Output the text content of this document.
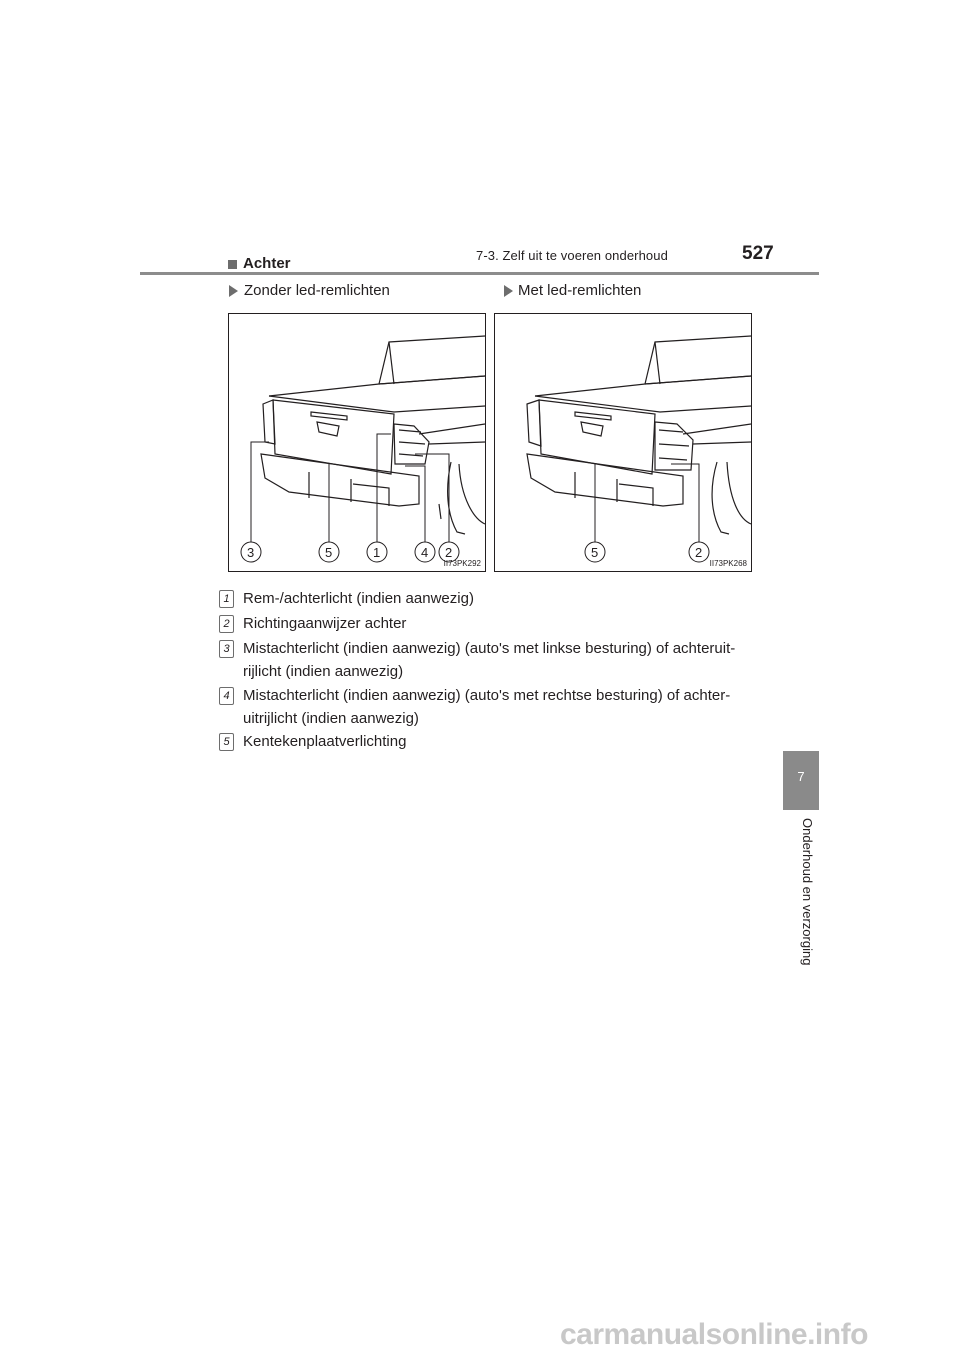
7-3. Zelf uit te voeren onderhoud	527
7
Onderhoud en verzorging
Achter
Zonder led-remlichten	Met led-remlichten
3	5	1	4 2
II73PK292
5	2
II73PK268
1 Rem-/achterlicht (indien aanwezig)
2 Richtingaanwijzer achter
3 Mistachterlicht (indien aanwezig) (auto's met linkse besturing) of achteruit-
rijlicht (indien aanwezig)
4 Mistachterlicht (indien aanwezig) (auto's met rechtse besturing) of achter-
uitrijlicht (indien aanwezig)
5 Kentekenplaatverlichting
carmanualsonline.info
